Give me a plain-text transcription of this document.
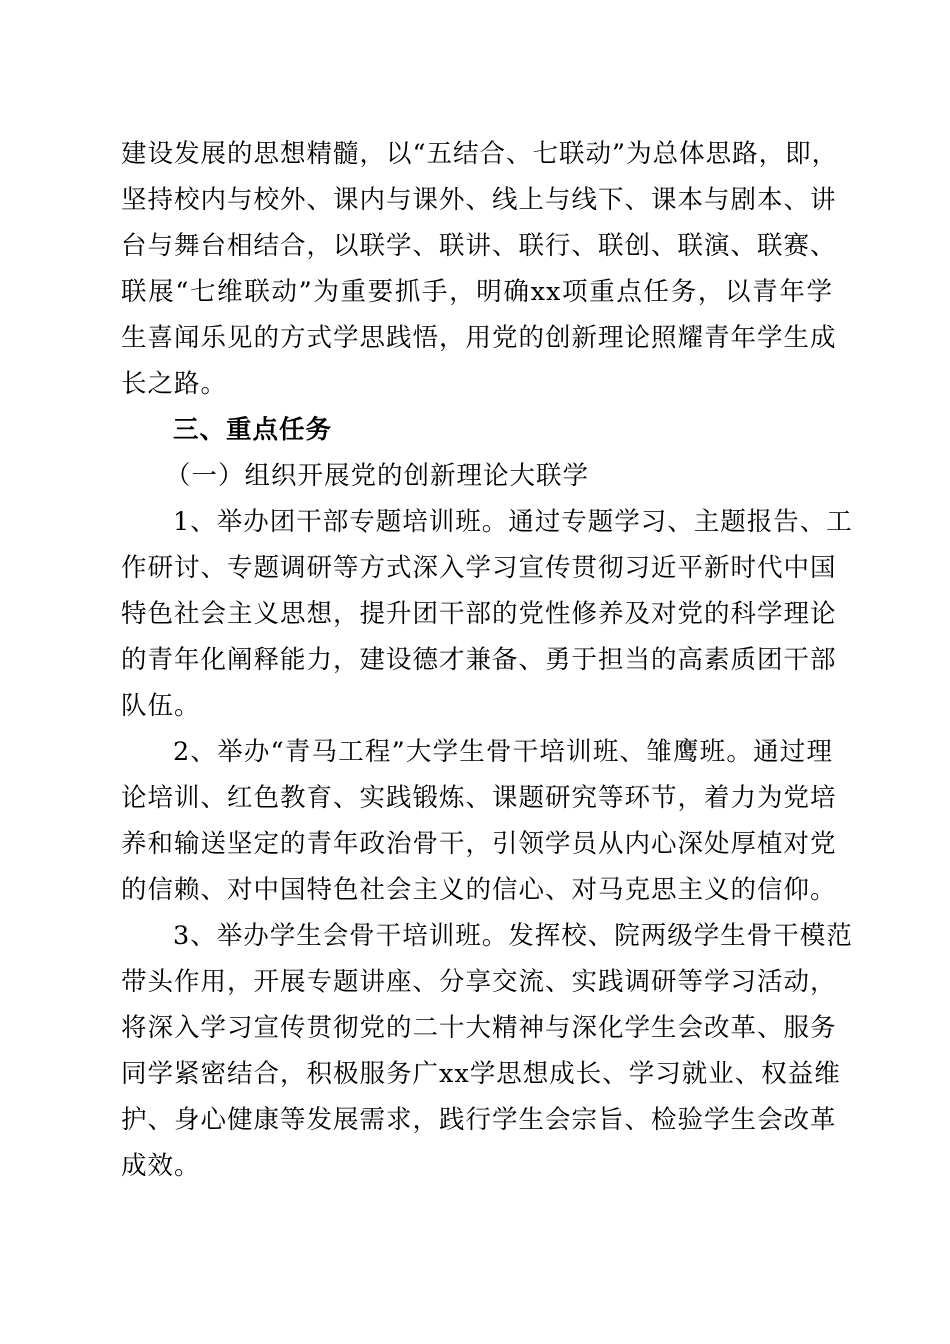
建设发展的思想精髓，以“五结合、七联动”为总体思路，即，
坚持校内与校外、课内与课外、线上与线下、课本与剧本、讲
台与舞台相结合，以联学、联讲、联行、联创、联演、联赛、
联展“七维联动”为重要抓手，明确xx项重点任务，以青年学
生喜闻乐见的方式学思践悟，用党的创新理论照耀青年学生成
长之路。
三、重点任务
（一）组织开展党的创新理论大联学
1、举办团干部专题培训班。通过专题学习、主题报告、工
作研讨、专题调研等方式深入学习宣传贯彻习近平新时代中国
特色社会主义思想，提升团干部的党性修养及对党的科学理论
的青年化阐释能力，建设德才兼备、勇于担当的高素质团干部
队伍。
2、举办“青马工程”大学生骨干培训班、雏鹰班。通过理
论培训、红色教育、实践锻炼、课题研究等环节，着力为党培
养和输送坚定的青年政治骨干，引领学员从内心深处厚植对党
的信赖、对中国特色社会主义的信心、对马克思主义的信仰。
3、举办学生会骨干培训班。发挥校、院两级学生骨干模范
带头作用，开展专题讲座、分享交流、实践调研等学习活动，
将深入学习宣传贯彻党的二十大精神与深化学生会改革、服务
同学紧密结合，积极服务广xx学思想成长、学习就业、权益维
护、身心健康等发展需求，践行学生会宗旨、检验学生会改革
成效。
